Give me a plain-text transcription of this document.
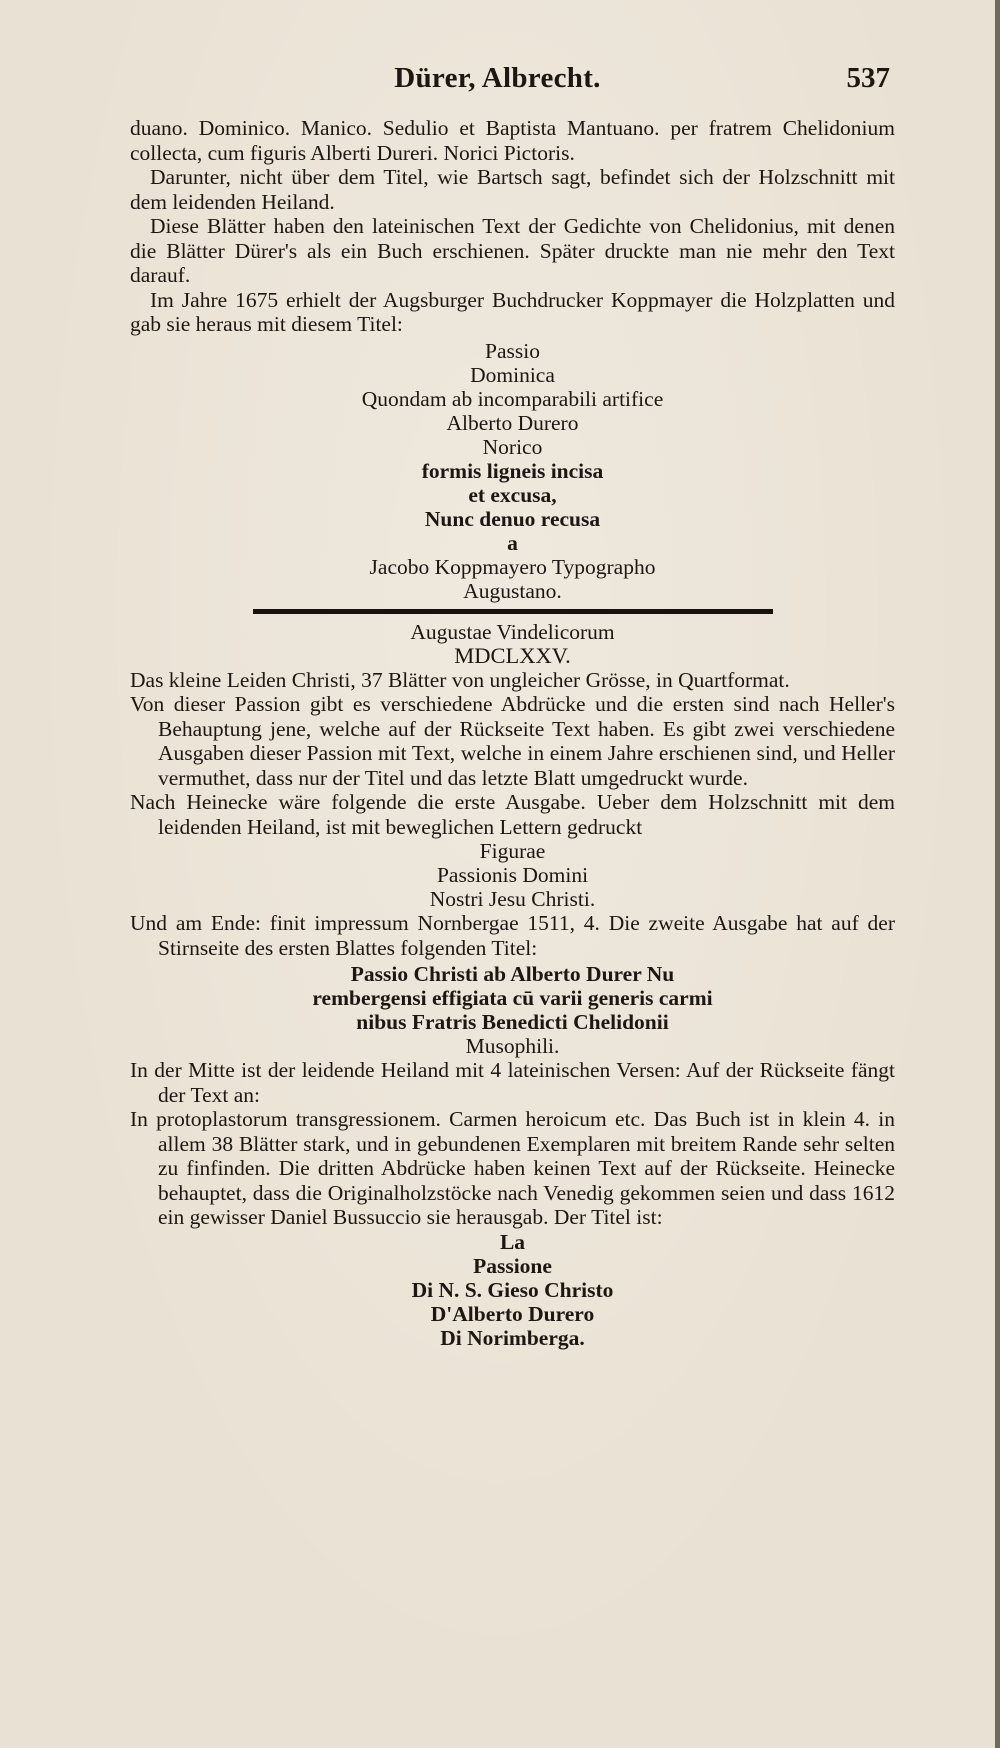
Dürer, Albrecht.	537

duano. Dominico. Manico. Sedulio et Baptista Mantuano. per fratrem Chelidonium collecta, cum figuris Alberti Dureri. Norici Pictoris.

Darunter, nicht über dem Titel, wie Bartsch sagt, befindet sich der Holzschnitt mit dem leidenden Heiland.

Diese Blätter haben den lateinischen Text der Gedichte von Chelidonius, mit denen die Blätter Dürer's als ein Buch erschienen. Später druckte man nie mehr den Text darauf.

Im Jahre 1675 erhielt der Augsburger Buchdrucker Koppmayer die Holzplatten und gab sie heraus mit diesem Titel:

Passio
Dominica
Quondam ab incomparabili artifice
Alberto Durero
Norico
formis ligneis incisa
et excusa,
Nunc denuo recusa
a
Jacobo Koppmayero Typographo
Augustano.
Augustae Vindelicorum
MDCLXXV.

Das kleine Leiden Christi, 37 Blätter von ungleicher Grösse, in Quartformat.

Von dieser Passion gibt es verschiedene Abdrücke und die ersten sind nach Heller's Behauptung jene, welche auf der Rückseite Text haben. Es gibt zwei verschiedene Ausgaben dieser Passion mit Text, welche in einem Jahre erschienen sind, und Heller vermuthet, dass nur der Titel und das letzte Blatt umgedruckt wurde.

Nach Heinecke wäre folgende die erste Ausgabe. Ueber dem Holzschnitt mit dem leidenden Heiland, ist mit beweglichen Lettern gedruckt

Figurae
Passionis Domini
Nostri Jesu Christi.

Und am Ende: finit impressum Nornbergae 1511, 4. Die zweite Ausgabe hat auf der Stirnseite des ersten Blattes folgenden Titel:

Passio Christi ab Alberto Durer Nu
rembergensi effigiata cū varii generis carmi
nibus Fratris Benedicti Chelidonii
Musophili.

In der Mitte ist der leidende Heiland mit 4 lateinischen Versen: Auf der Rückseite fängt der Text an:

In protoplastorum transgressionem. Carmen heroicum etc. Das Buch ist in klein 4. in allem 38 Blätter stark, und in gebundenen Exemplaren mit breitem Rande sehr selten zu finfinden. Die dritten Abdrücke haben keinen Text auf der Rückseite. Heinecke behauptet, dass die Originalholzstöcke nach Venedig gekommen seien und dass 1612 ein gewisser Daniel Bussuccio sie herausgab. Der Titel ist:

La
Passione
Di N. S. Gieso Christo
D'Alberto Durero
Di Norimberga.
